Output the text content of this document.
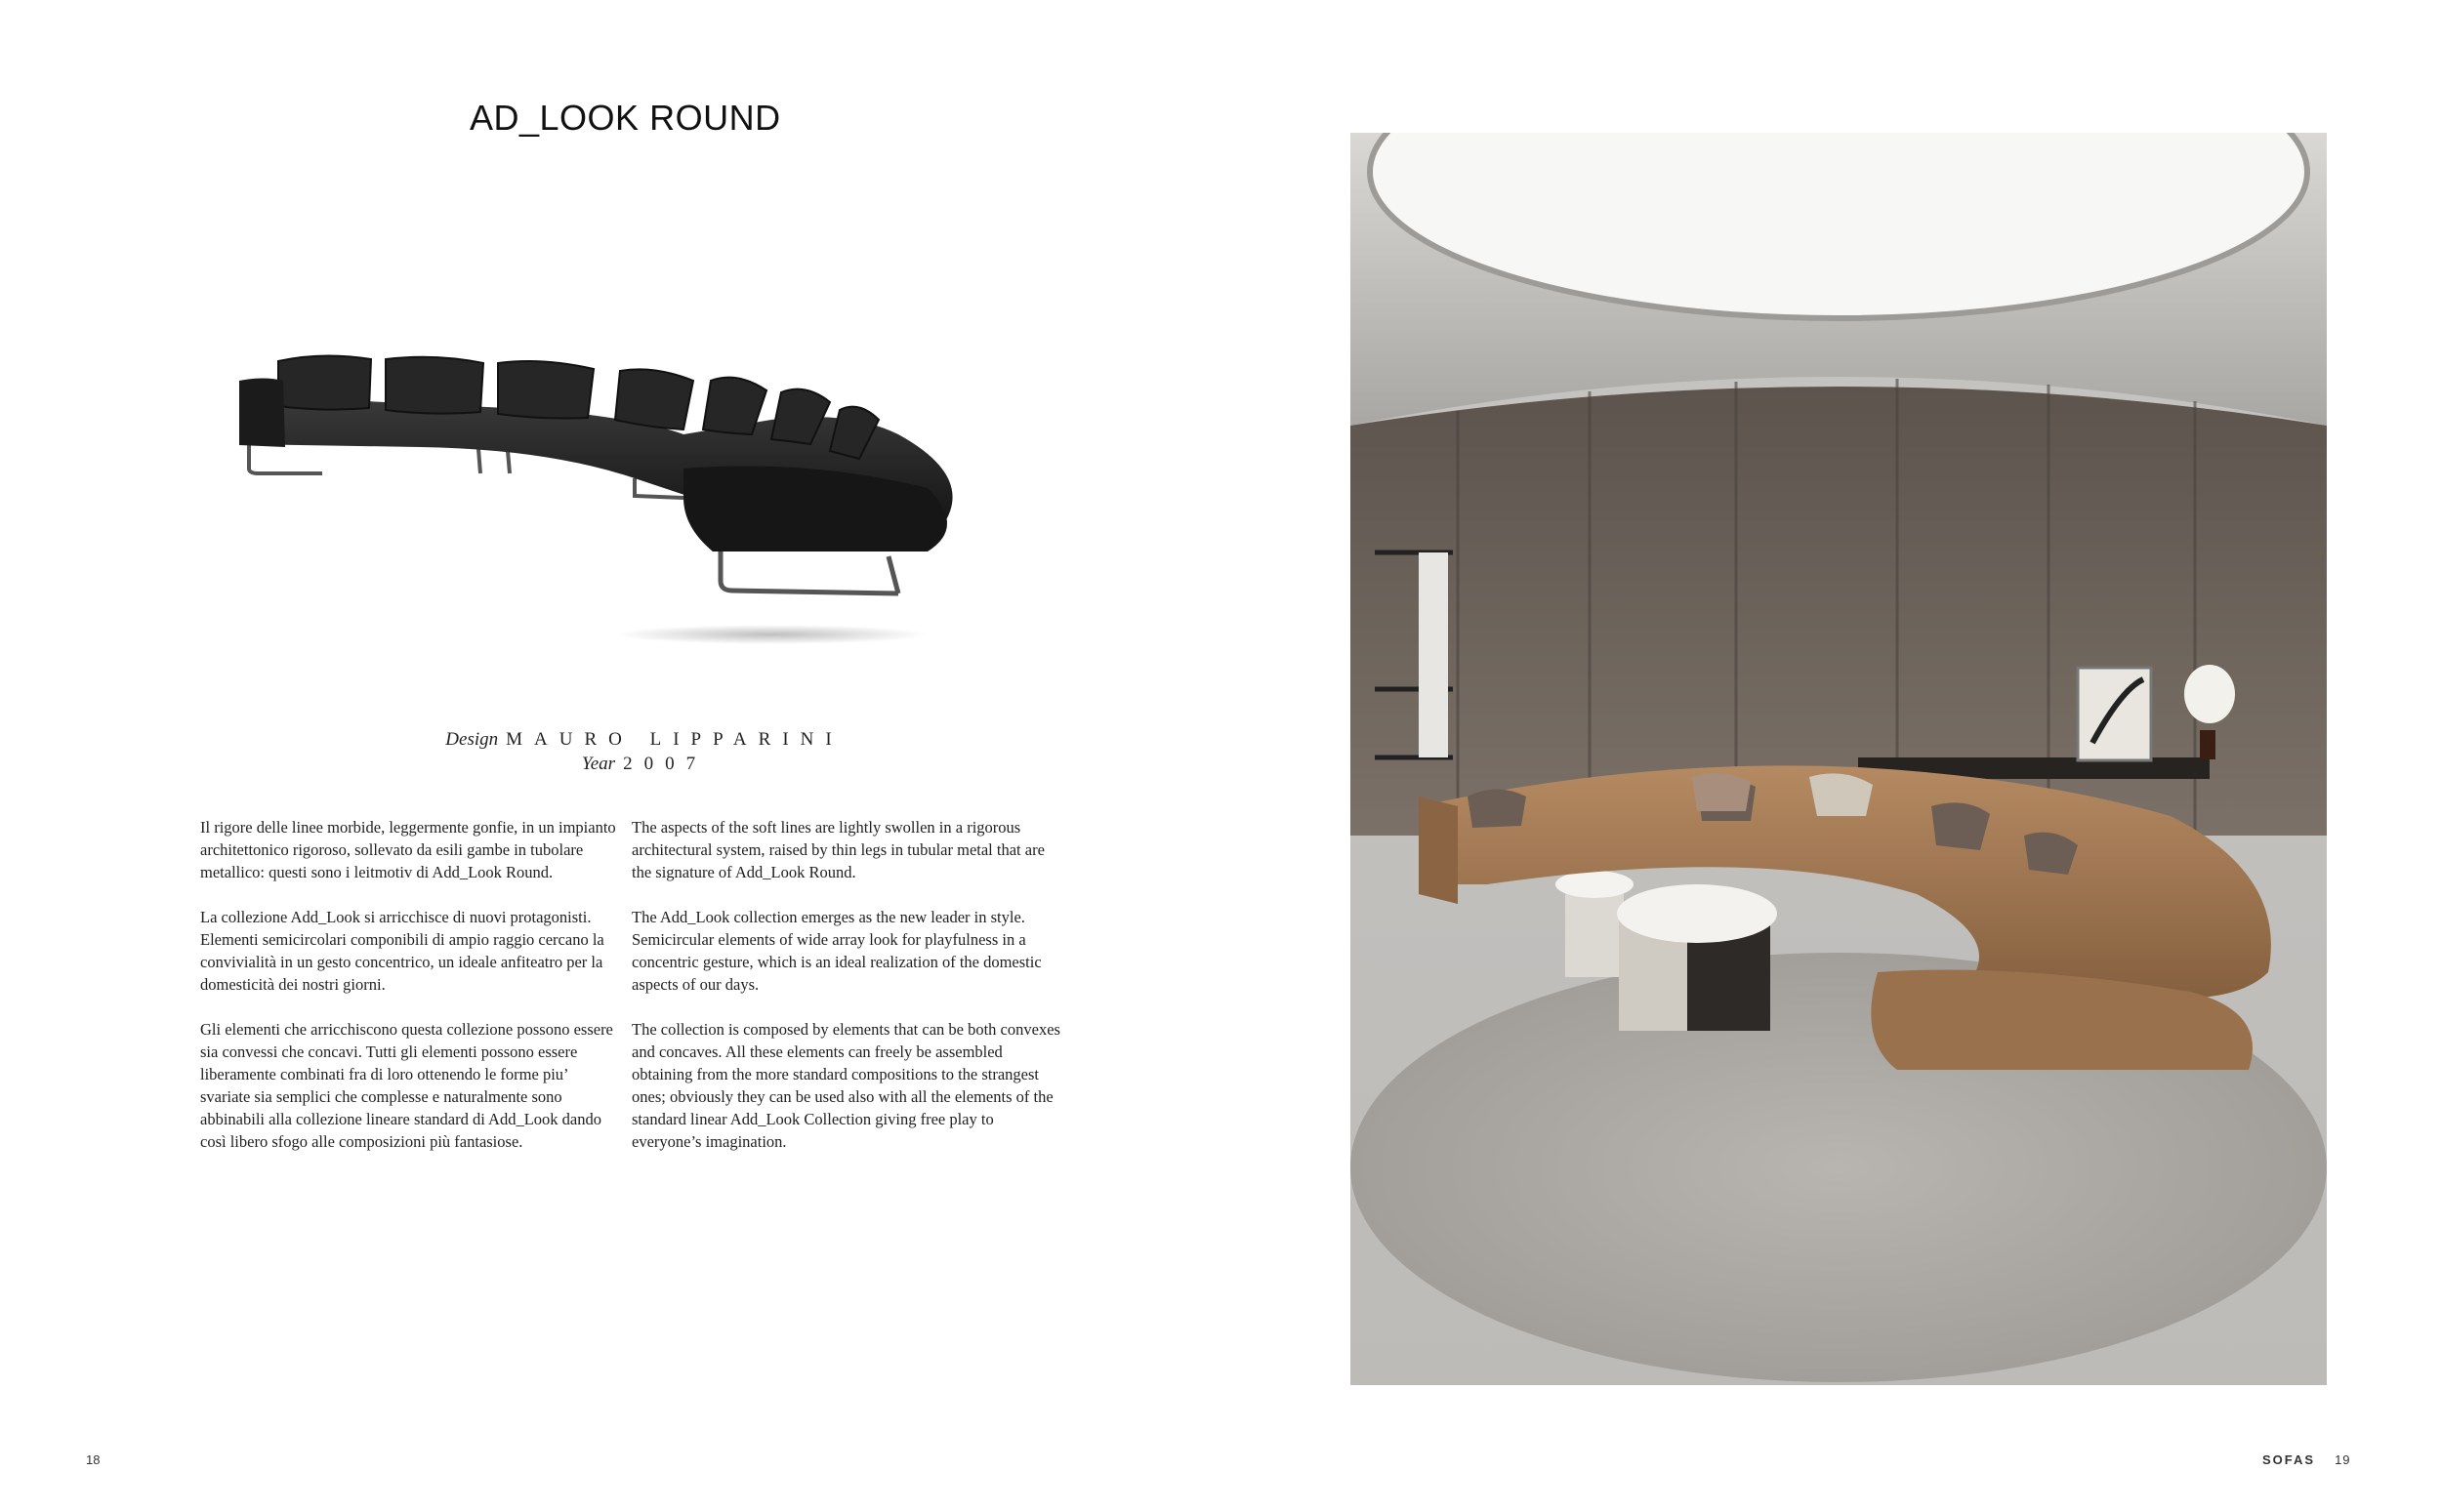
AD_LOOK ROUND
Design MAURO LIPPARINI
Year 2007

Il rigore delle linee morbide, leggermente gonfie, in un impianto architettonico rigoroso, sollevato da esili gambe in tubolare metallico: questi sono i leitmotiv di Add_Look Round.

La collezione Add_Look si arricchisce di nuovi protagonisti. Elementi semicircolari componibili di ampio raggio cercano la convivialità in un gesto concentrico, un ideale anfiteatro per la domesticità dei nostri giorni.

Gli elementi che arricchiscono questa collezione possono essere sia convessi che concavi. Tutti gli elementi possono essere liberamente combinati fra di loro ottenendo le forme piu’ svariate sia semplici che complesse e naturalmente sono abbinabili alla collezione lineare standard di Add_Look dando così libero sfogo alle composizioni più fantasiose.

The aspects of the soft lines are lightly swollen in a rigorous architectural system, raised by thin legs in tubular metal that are the signature of Add_Look Round.

The Add_Look collection emerges as the new leader in style. Semicircular elements of wide array look for playfulness in a concentric gesture, which is an ideal realization of the domestic aspects of our days.

The collection is composed by elements that can be both convexes and concaves. All these elements can freely be assembled obtaining from the more standard compositions to the strangest ones; obviously they can be used also with all the elements of the standard linear Add_Look Collection giving free play to everyone’s imagination.

18	SOFAS 19
